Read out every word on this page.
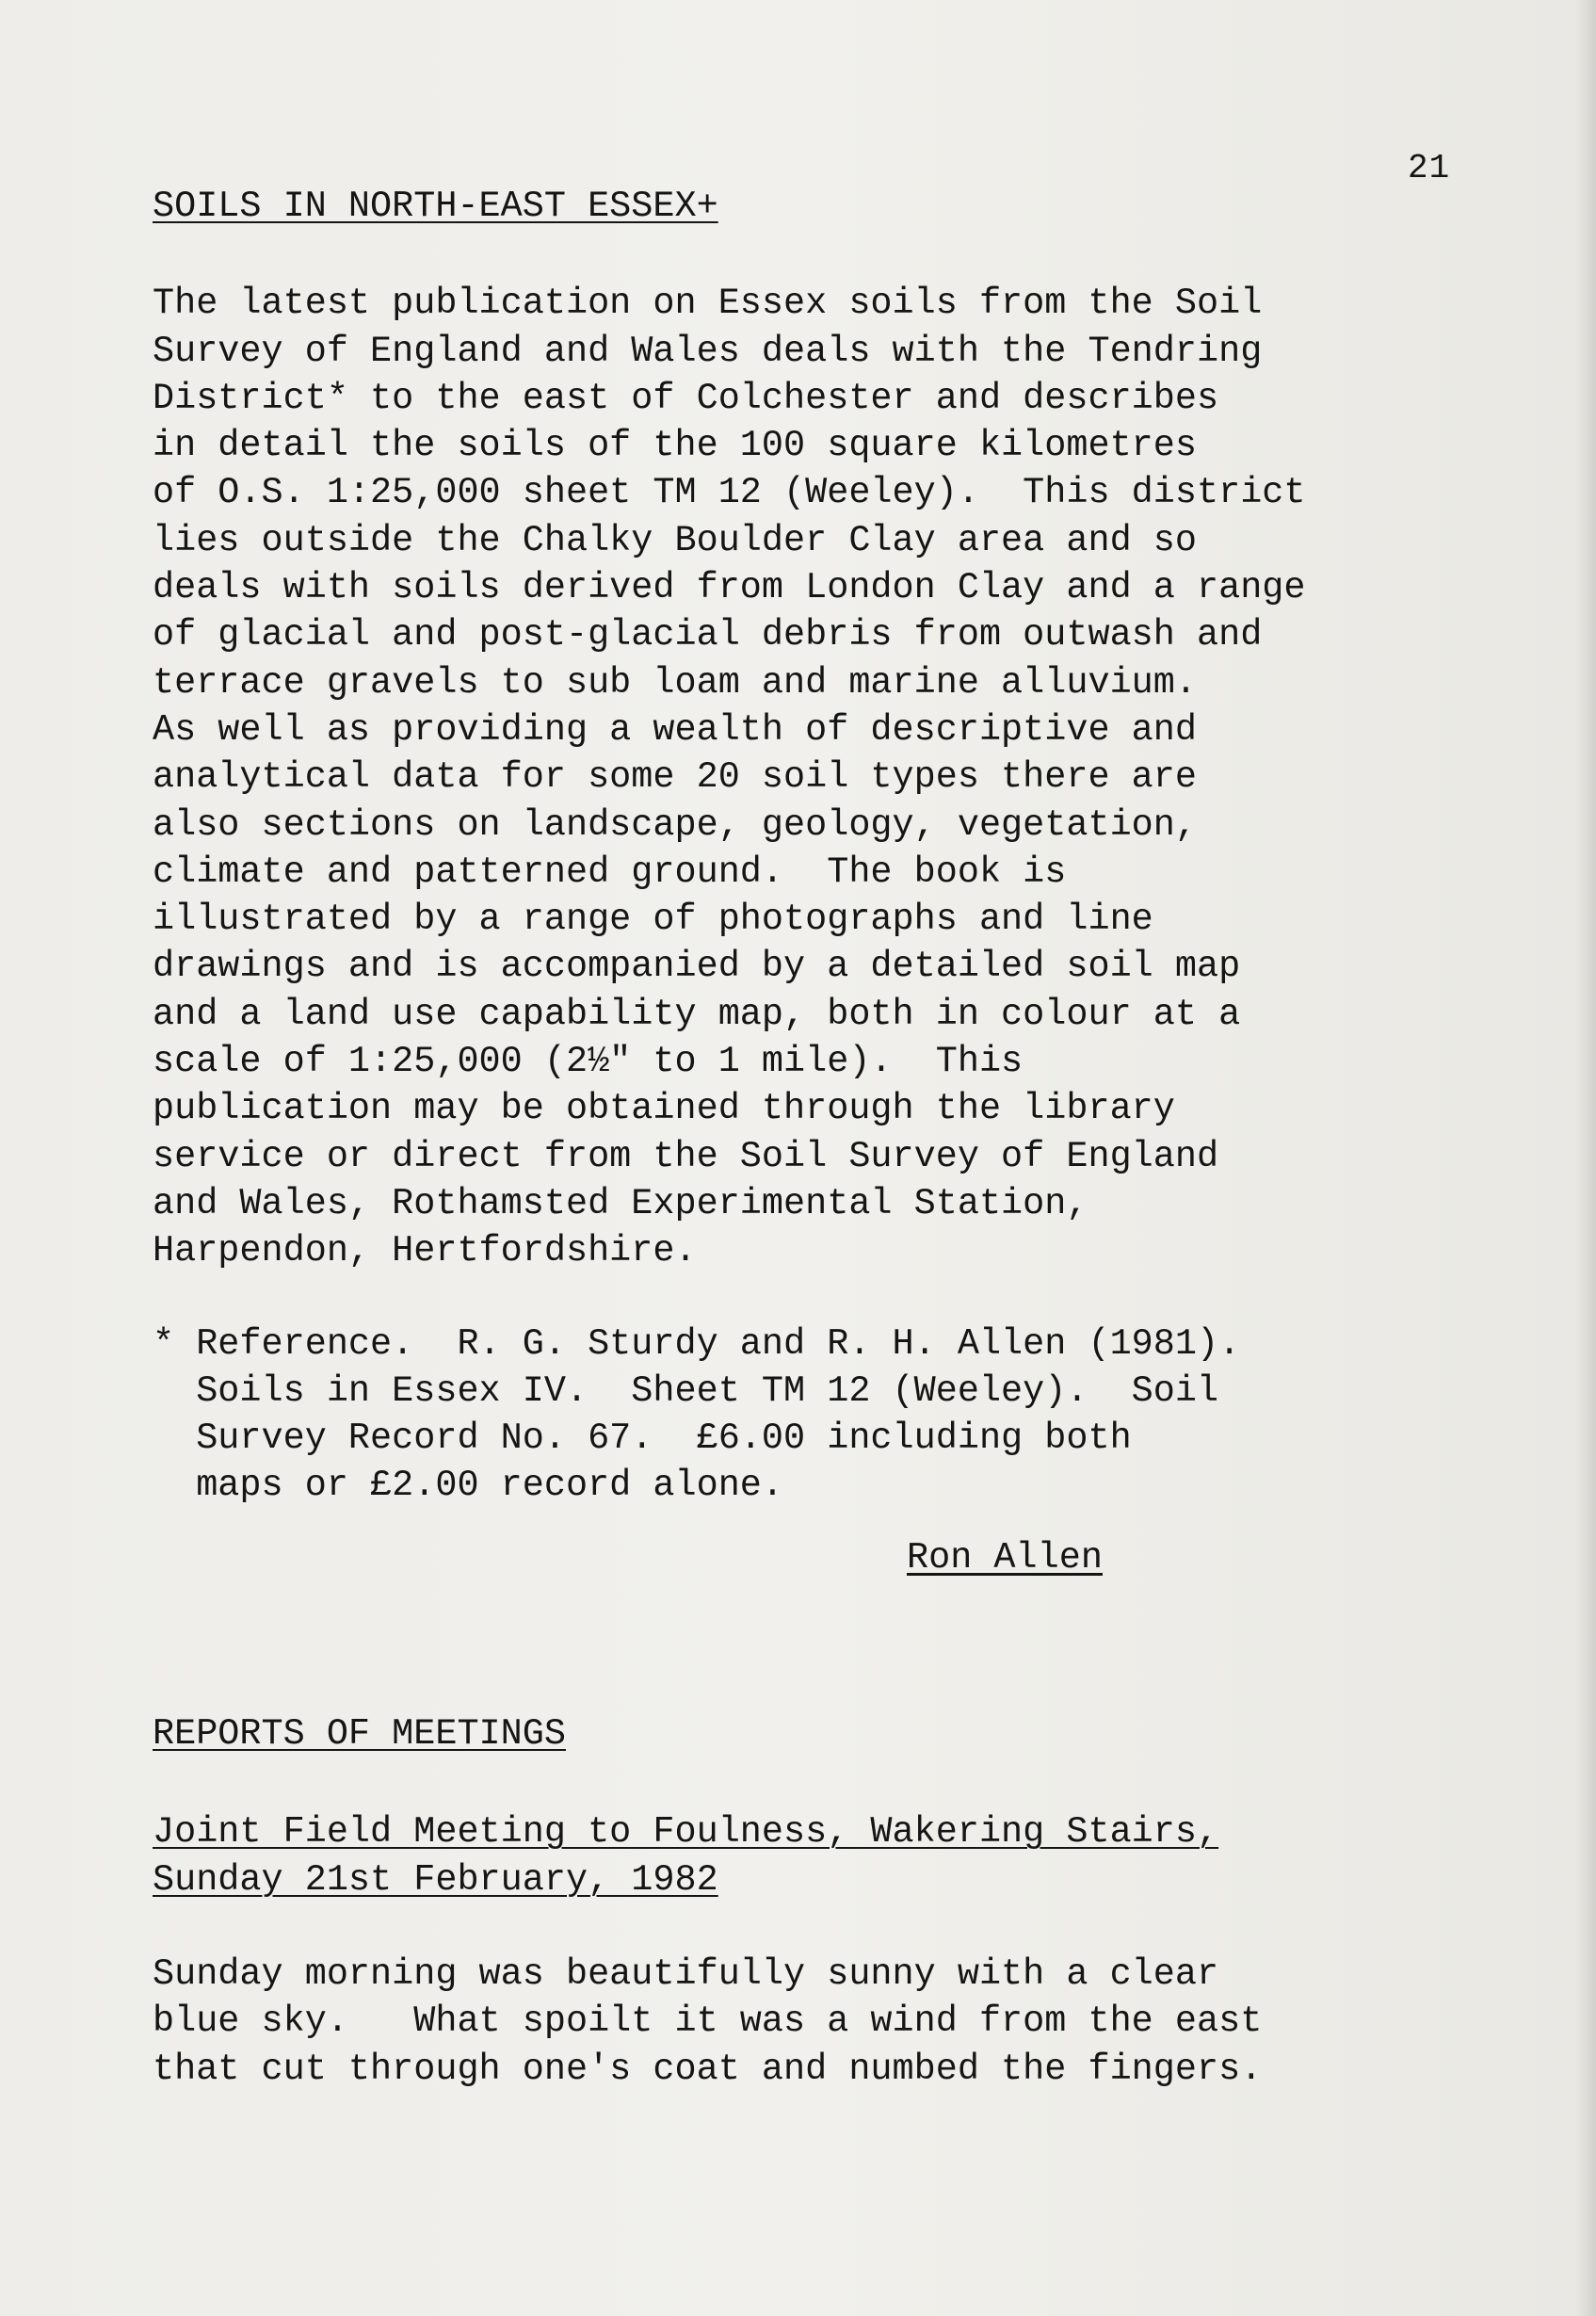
21
SOILS IN NORTH-EAST ESSEX+
The latest publication on Essex soils from the Soil
Survey of England and Wales deals with the Tendring
District* to the east of Colchester and describes
in detail the soils of the 100 square kilometres
of O.S. 1:25,000 sheet TM 12 (Weeley).  This district
lies outside the Chalky Boulder Clay area and so
deals with soils derived from London Clay and a range
of glacial and post-glacial debris from outwash and
terrace gravels to sub loam and marine alluvium.
As well as providing a wealth of descriptive and
analytical data for some 20 soil types there are
also sections on landscape, geology, vegetation,
climate and patterned ground.  The book is
illustrated by a range of photographs and line
drawings and is accompanied by a detailed soil map
and a land use capability map, both in colour at a
scale of 1:25,000 (2½" to 1 mile).  This
publication may be obtained through the library
service or direct from the Soil Survey of England
and Wales, Rothamsted Experimental Station,
Harpendon, Hertfordshire.
* Reference.  R. G. Sturdy and R. H. Allen (1981).
Soils in Essex IV.  Sheet TM 12 (Weeley).  Soil
Survey Record No. 67.  £6.00 including both
maps or £2.00 record alone.
Ron Allen
REPORTS OF MEETINGS
Joint Field Meeting to Foulness, Wakering Stairs,
Sunday 21st February, 1982
Sunday morning was beautifully sunny with a clear
blue sky.   What spoilt it was a wind from the east
that cut through one's coat and numbed the fingers.
